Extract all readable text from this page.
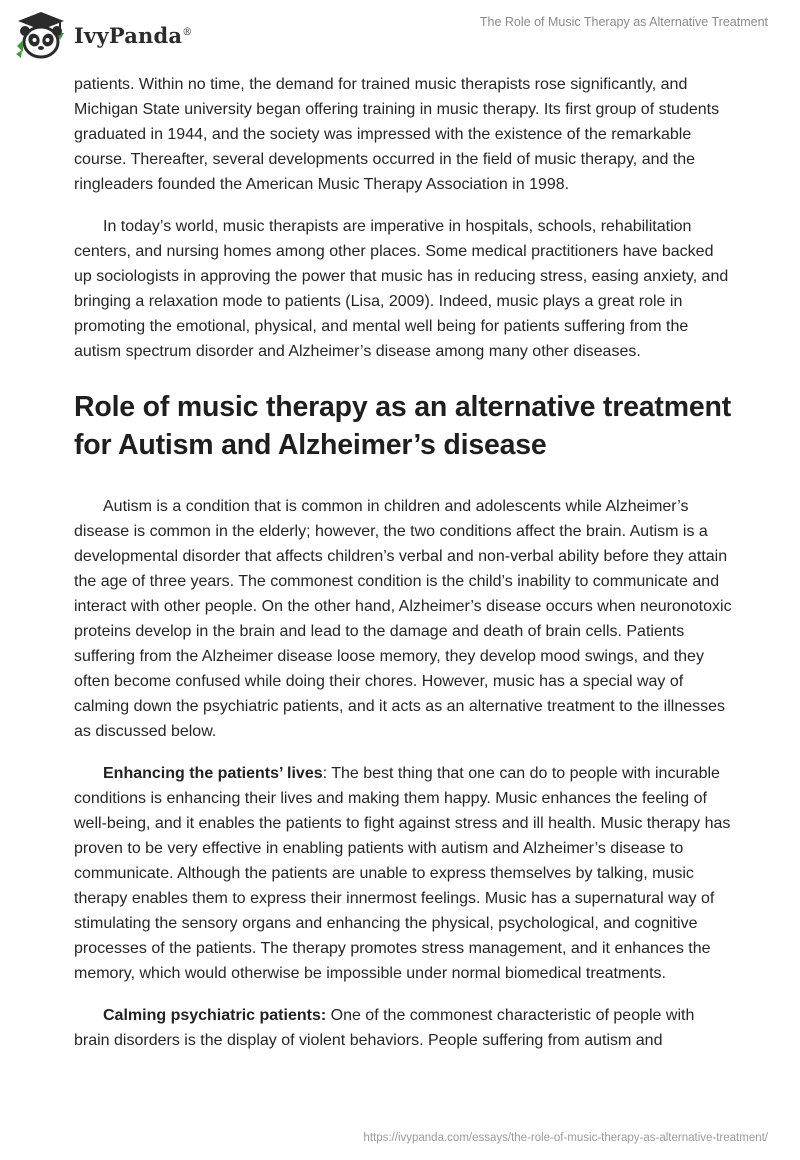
IvyPanda®
The Role of Music Therapy as Alternative Treatment

patients. Within no time, the demand for trained music therapists rose significantly, and Michigan State university began offering training in music therapy. Its first group of students graduated in 1944, and the society was impressed with the existence of the remarkable course. Thereafter, several developments occurred in the field of music therapy, and the ringleaders founded the American Music Therapy Association in 1998.

In today’s world, music therapists are imperative in hospitals, schools, rehabilitation centers, and nursing homes among other places. Some medical practitioners have backed up sociologists in approving the power that music has in reducing stress, easing anxiety, and bringing a relaxation mode to patients (Lisa, 2009). Indeed, music plays a great role in promoting the emotional, physical, and mental well being for patients suffering from the autism spectrum disorder and Alzheimer’s disease among many other diseases.

Role of music therapy as an alternative treatment for Autism and Alzheimer’s disease

Autism is a condition that is common in children and adolescents while Alzheimer’s disease is common in the elderly; however, the two conditions affect the brain. Autism is a developmental disorder that affects children’s verbal and non-verbal ability before they attain the age of three years. The commonest condition is the child’s inability to communicate and interact with other people. On the other hand, Alzheimer’s disease occurs when neuronotoxic proteins develop in the brain and lead to the damage and death of brain cells. Patients suffering from the Alzheimer disease loose memory, they develop mood swings, and they often become confused while doing their chores. However, music has a special way of calming down the psychiatric patients, and it acts as an alternative treatment to the illnesses as discussed below.

Enhancing the patients’ lives: The best thing that one can do to people with incurable conditions is enhancing their lives and making them happy. Music enhances the feeling of well-being, and it enables the patients to fight against stress and ill health. Music therapy has proven to be very effective in enabling patients with autism and Alzheimer’s disease to communicate. Although the patients are unable to express themselves by talking, music therapy enables them to express their innermost feelings. Music has a supernatural way of stimulating the sensory organs and enhancing the physical, psychological, and cognitive processes of the patients. The therapy promotes stress management, and it enhances the memory, which would otherwise be impossible under normal biomedical treatments.

Calming psychiatric patients: One of the commonest characteristic of people with brain disorders is the display of violent behaviors. People suffering from autism and

https://ivypanda.com/essays/the-role-of-music-therapy-as-alternative-treatment/
